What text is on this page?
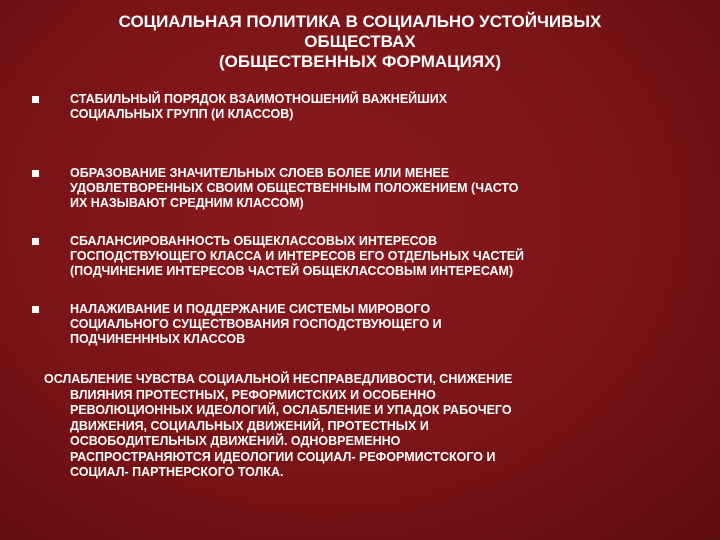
СОЦИАЛЬНАЯ ПОЛИТИКА В СОЦИАЛЬНО УСТОЙЧИВЫХ
ОБЩЕСТВАХ
(ОБЩЕСТВЕННЫХ ФОРМАЦИЯХ)
СТАБИЛЬНЫЙ ПОРЯДОК ВЗАИМОТНОШЕНИЙ ВАЖНЕЙШИХ
СОЦИАЛЬНЫХ ГРУПП (И КЛАССОВ)
ОБРАЗОВАНИЕ ЗНАЧИТЕЛЬНЫХ СЛОЕВ БОЛЕЕ ИЛИ МЕНЕЕ
УДОВЛЕТВОРЕННЫХ СВОИМ ОБЩЕСТВЕННЫМ ПОЛОЖЕНИЕМ (ЧАСТО
ИХ НАЗЫВАЮТ СРЕДНИМ КЛАССОМ)
СБАЛАНСИРОВАННОСТЬ ОБЩЕКЛАССОВЫХ ИНТЕРЕСОВ
ГОСПОДСТВУЮЩЕГО КЛАССА И ИНТЕРЕСОВ ЕГО ОТДЕЛЬНЫХ ЧАСТЕЙ
(ПОДЧИНЕНИЕ ИНТЕРЕСОВ ЧАСТЕЙ ОБЩЕКЛАССОВЫМ ИНТЕРЕСАМ)
НАЛАЖИВАНИЕ И ПОДДЕРЖАНИЕ СИСТЕМЫ МИРОВОГО
СОЦИАЛЬНОГО СУЩЕСТВОВАНИЯ ГОСПОДСТВУЮЩЕГО И
ПОДЧИНЕНННЫХ КЛАССОВ
ОСЛАБЛЕНИЕ ЧУВСТВА СОЦИАЛЬНОЙ НЕСПРАВЕДЛИВОСТИ, СНИЖЕНИЕ
ВЛИЯНИЯ ПРОТЕСТНЫХ, РЕФОРМИСТСКИХ И ОСОБЕННО
РЕВОЛЮЦИОННЫХ ИДЕОЛОГИЙ, ОСЛАБЛЕНИЕ И УПАДОК РАБОЧЕГО
ДВИЖЕНИЯ, СОЦИАЛЬНЫХ ДВИЖЕНИЙ, ПРОТЕСТНЫХ И
ОСВОБОДИТЕЛЬНЫХ ДВИЖЕНИЙ. ОДНОВРЕМЕННО
РАСПРОСТРАНЯЮТСЯ ИДЕОЛОГИИ СОЦИАЛ- РЕФОРМИСТСКОГО И
СОЦИАЛ- ПАРТНЕРСКОГО ТОЛКА.
